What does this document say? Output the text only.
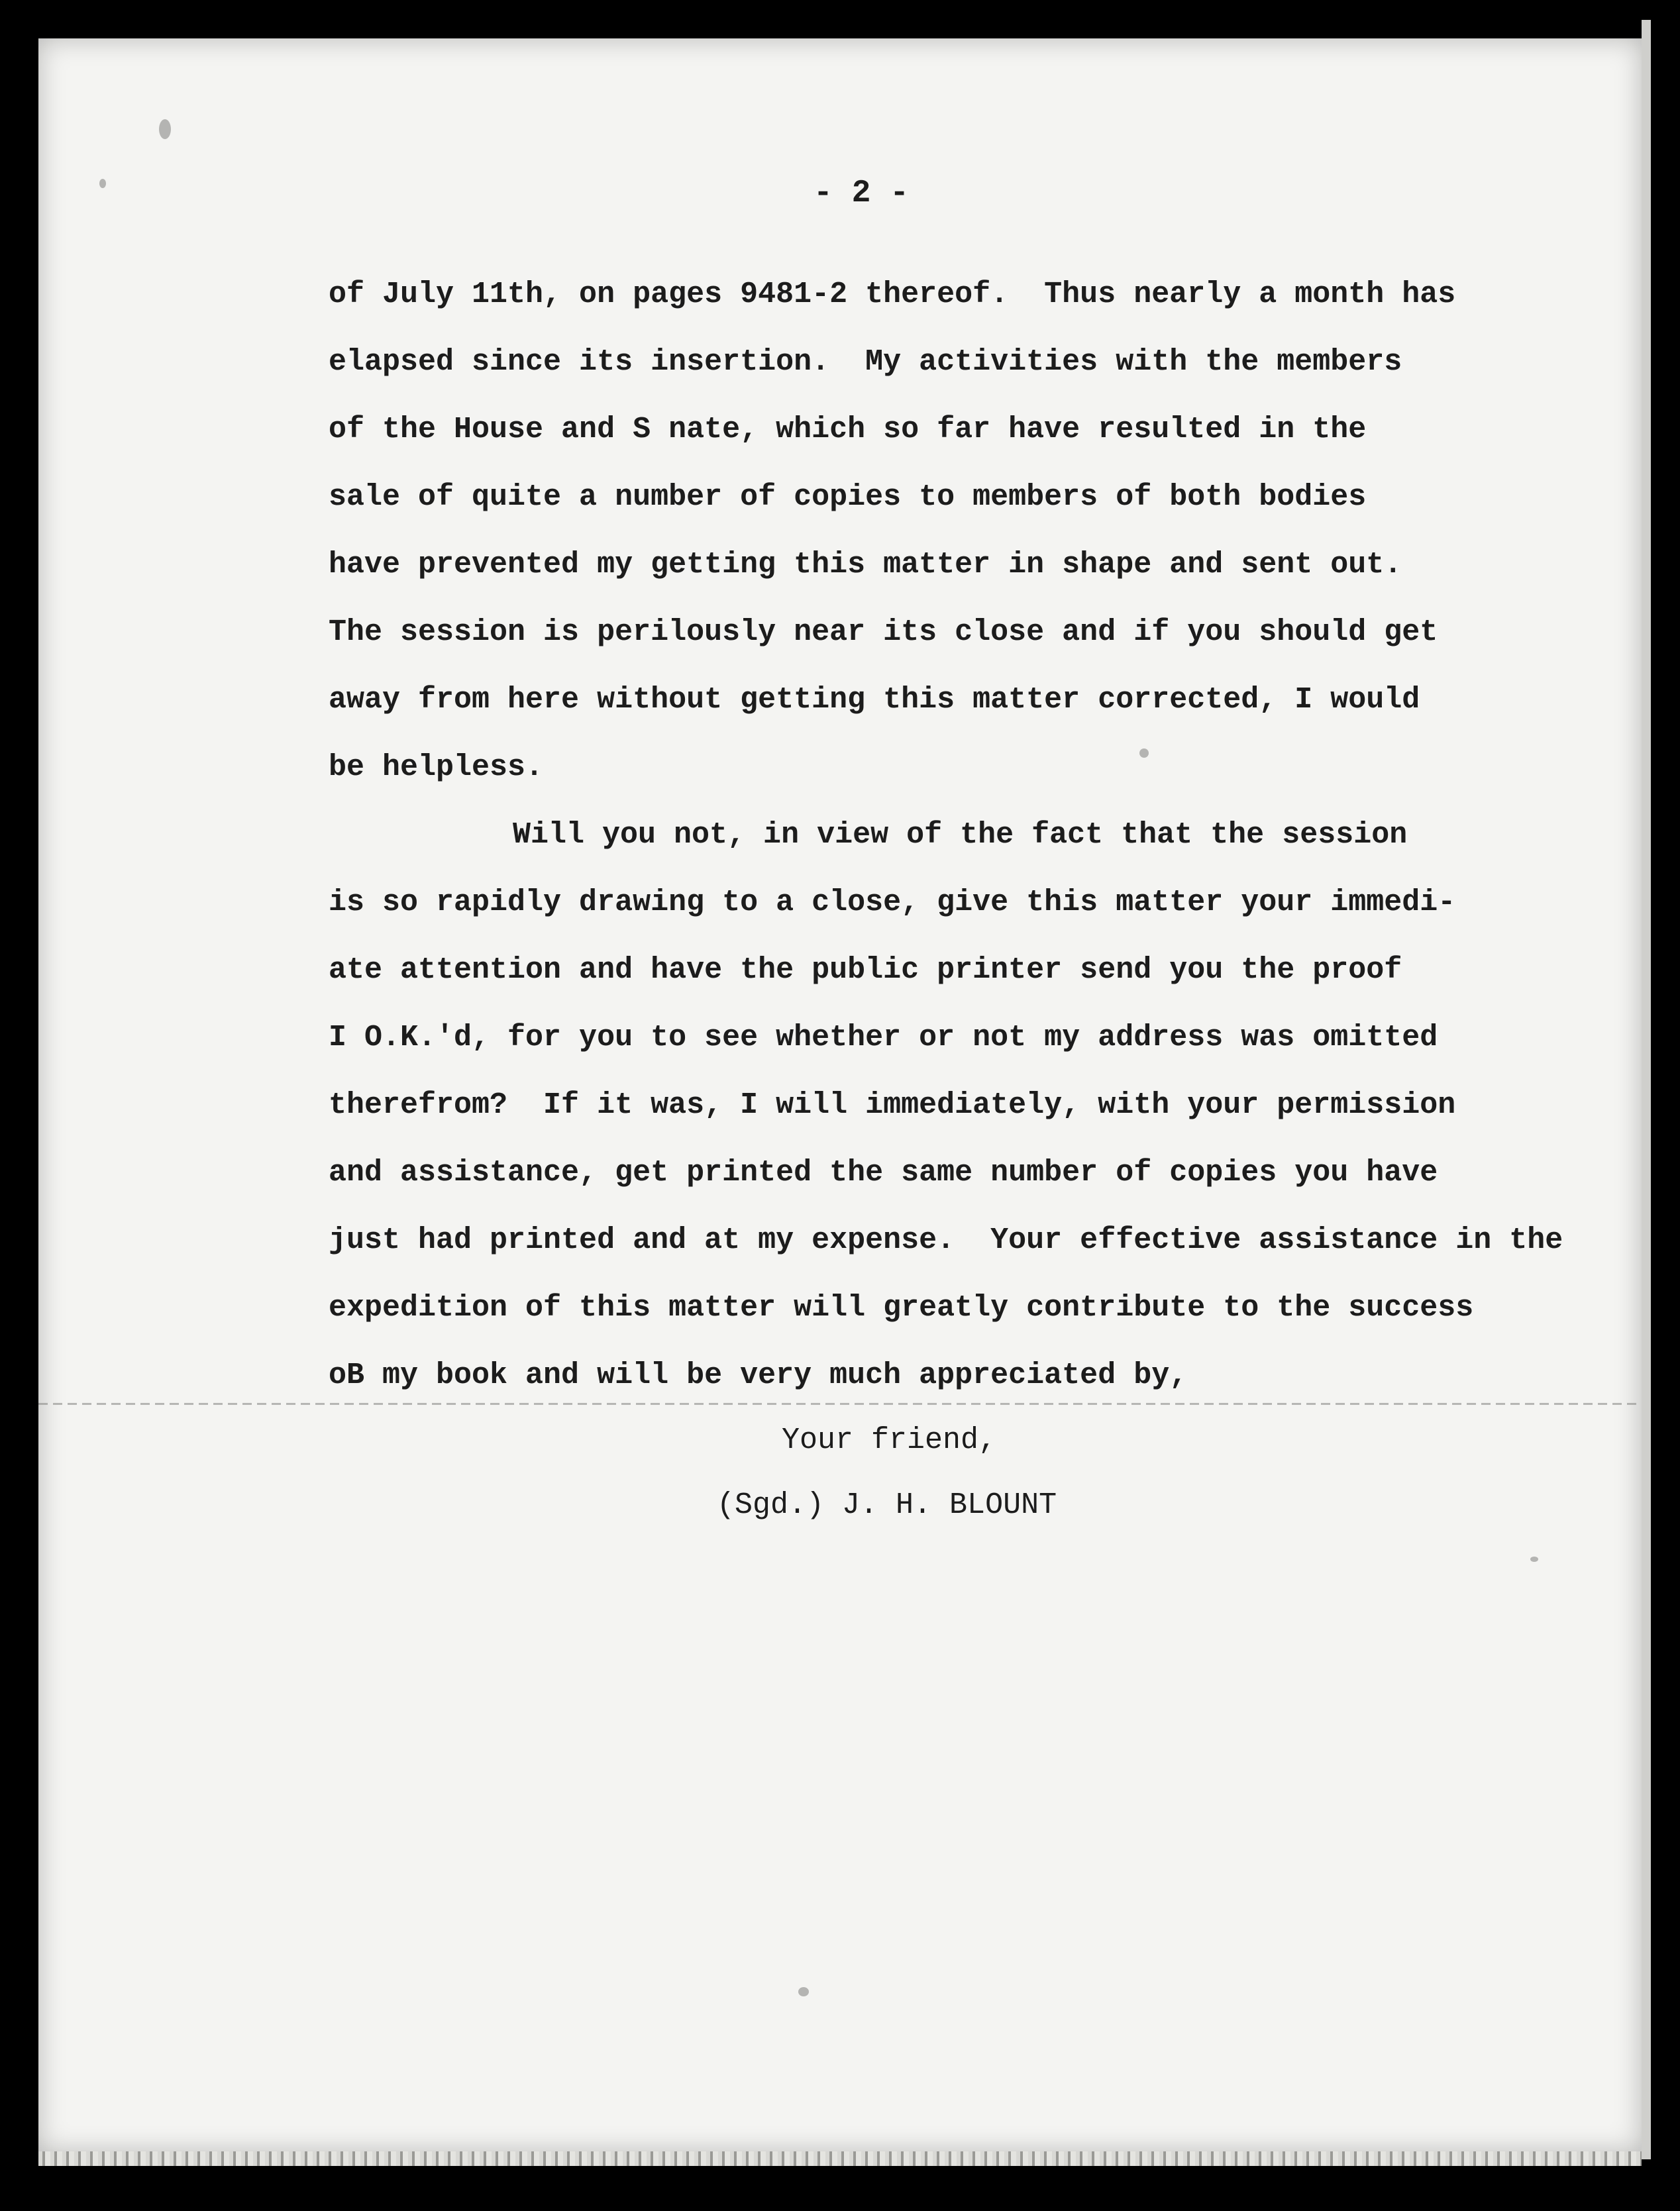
- 2 -
of July 11th, on pages 9481-2 thereof.  Thus nearly a month has
elapsed since its insertion.  My activities with the members
of the House and S nate, which so far have resulted in the
sale of quite a number of copies to members of both bodies
have prevented my getting this matter in shape and sent out.
The session is perilously near its close and if you should get
away from here without getting this matter corrected, I would
be helpless.
Will you not, in view of the fact that the session
is so rapidly drawing to a close, give this matter your immedi-
ate attention and have the public printer send you the proof
I O.K.'d, for you to see whether or not my address was omitted
therefrom?  If it was, I will immediately, with your permission
and assistance, get printed the same number of copies you have
just had printed and at my expense.  Your effective assistance in the
expedition of this matter will greatly contribute to the success
oB my book and will be very much appreciated by,
Your friend,
(Sgd.) J. H. BLOUNT
